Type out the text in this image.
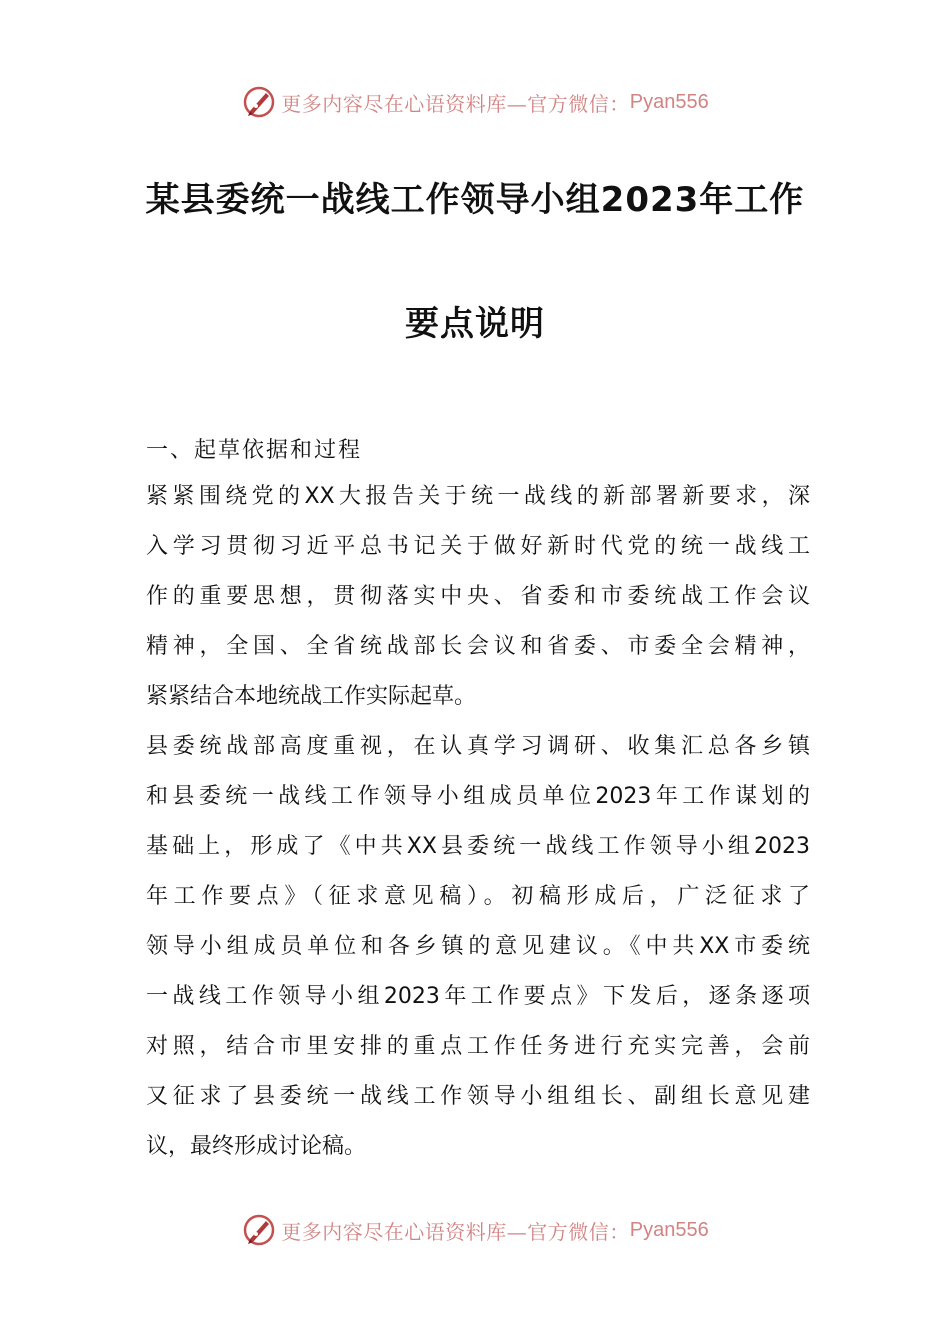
更多内容尽在心语资料库—官方微信： Pyan556
某县委统一战线工作领导小组2023年工作
要点说明
一、起草依据和过程
紧紧围绕党的XX大报告关于统一战线的新部署新要求，深
入学习贯彻习近平总书记关于做好新时代党的统一战线工
作的重要思想，贯彻落实中央、省委和市委统战工作会议
精神，全国、全省统战部长会议和省委、市委全会精神，
紧紧结合本地统战工作实际起草。
县委统战部高度重视，在认真学习调研、收集汇总各乡镇
和县委统一战线工作领导小组成员单位2023年工作谋划的
基础上，形成了《中共XX县委统一战线工作领导小组2023
年工作要点》（征求意见稿）。初稿形成后，广泛征求了
领导小组成员单位和各乡镇的意见建议。《中共XX市委统
一战线工作领导小组2023年工作要点》下发后，逐条逐项
对照，结合市里安排的重点工作任务进行充实完善，会前
又征求了县委统一战线工作领导小组组长、副组长意见建
议，最终形成讨论稿。
更多内容尽在心语资料库—官方微信： Pyan556
